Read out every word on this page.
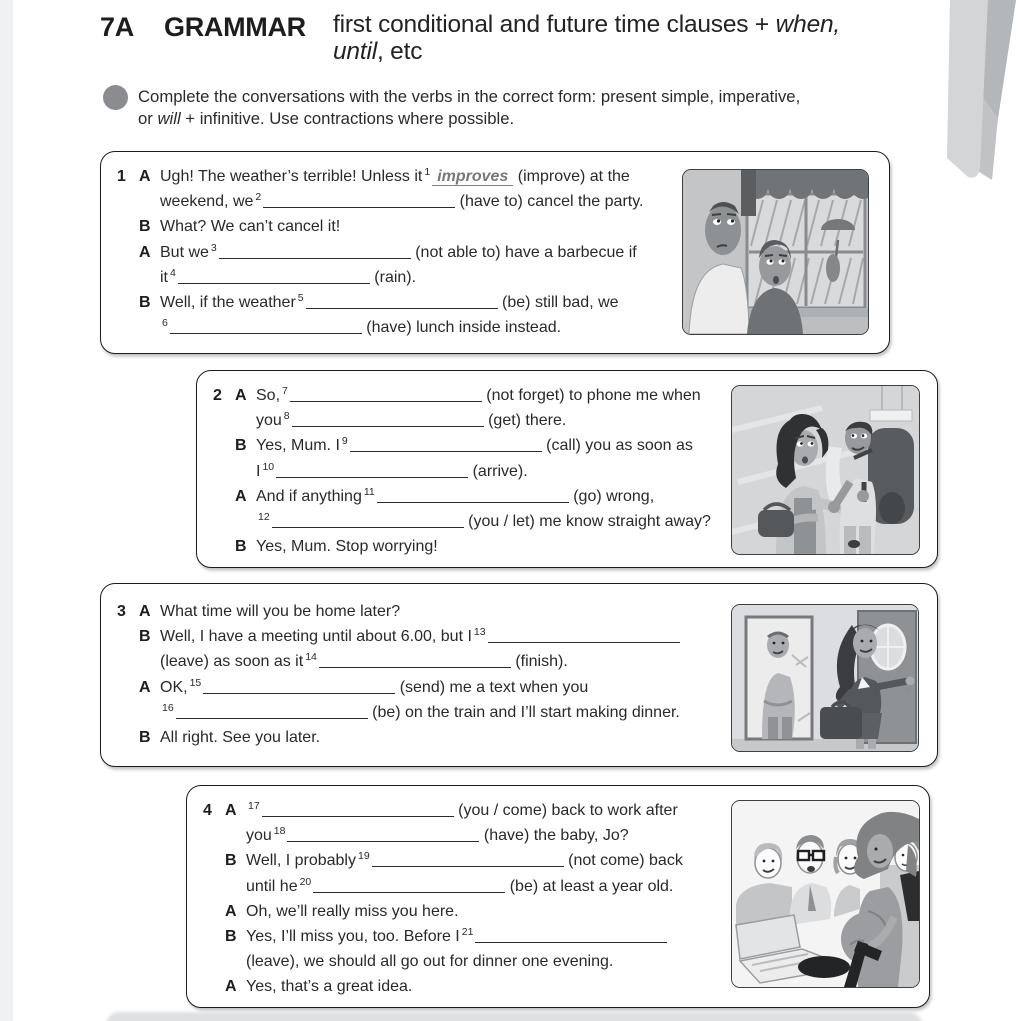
7A GRAMMAR first conditional and future time clauses + when,
until, etc
Complete the conversations with the verbs in the correct form: present simple, imperative,
or will + infinitive. Use contractions where possible.
1 A Ugh! The weather’s terrible! Unless it $^1$ improves (improve) at the
weekend, we $^2$	(have to) cancel the party.
B What? We can’t cancel it!
A But we $^3$	(not able to) have a barbecue if
it $^4$	(rain).
B Well, if the weather $^5$	(be) still bad, we
$^6$	(have) lunch inside instead.
2 A So, $^7$	(not forget) to phone me when
you $^8$	(get) there.
B Yes, Mum. I $^9$	(call) you as soon as
I $^{10}$	(arrive).
A And if anything $^{11}$	(go) wrong,
$^{12}$	(you / let) me know straight away?
B Yes, Mum. Stop worrying!
3 A What time will you be home later?
B Well, I have a meeting until about 6.00, but I $^{13}$
(leave) as soon as it $^{14}$	(finish).
A OK, $^{15}$	(send) me a text when you
$^{16}$	(be) on the train and I’ll start making dinner.
B All right. See you later.
4 A	$^{17}$	(you / come) back to work after
you $^{18}$	(have) the baby, Jo?
B Well, I probably $^{19}$	(not come) back
until he $^{20}$	(be) at least a year old.
A Oh, we’ll really miss you here.
B Yes, I’ll miss you, too. Before I $^{21}$
(leave), we should all go out for dinner one evening.
A Yes, that’s a great idea.
